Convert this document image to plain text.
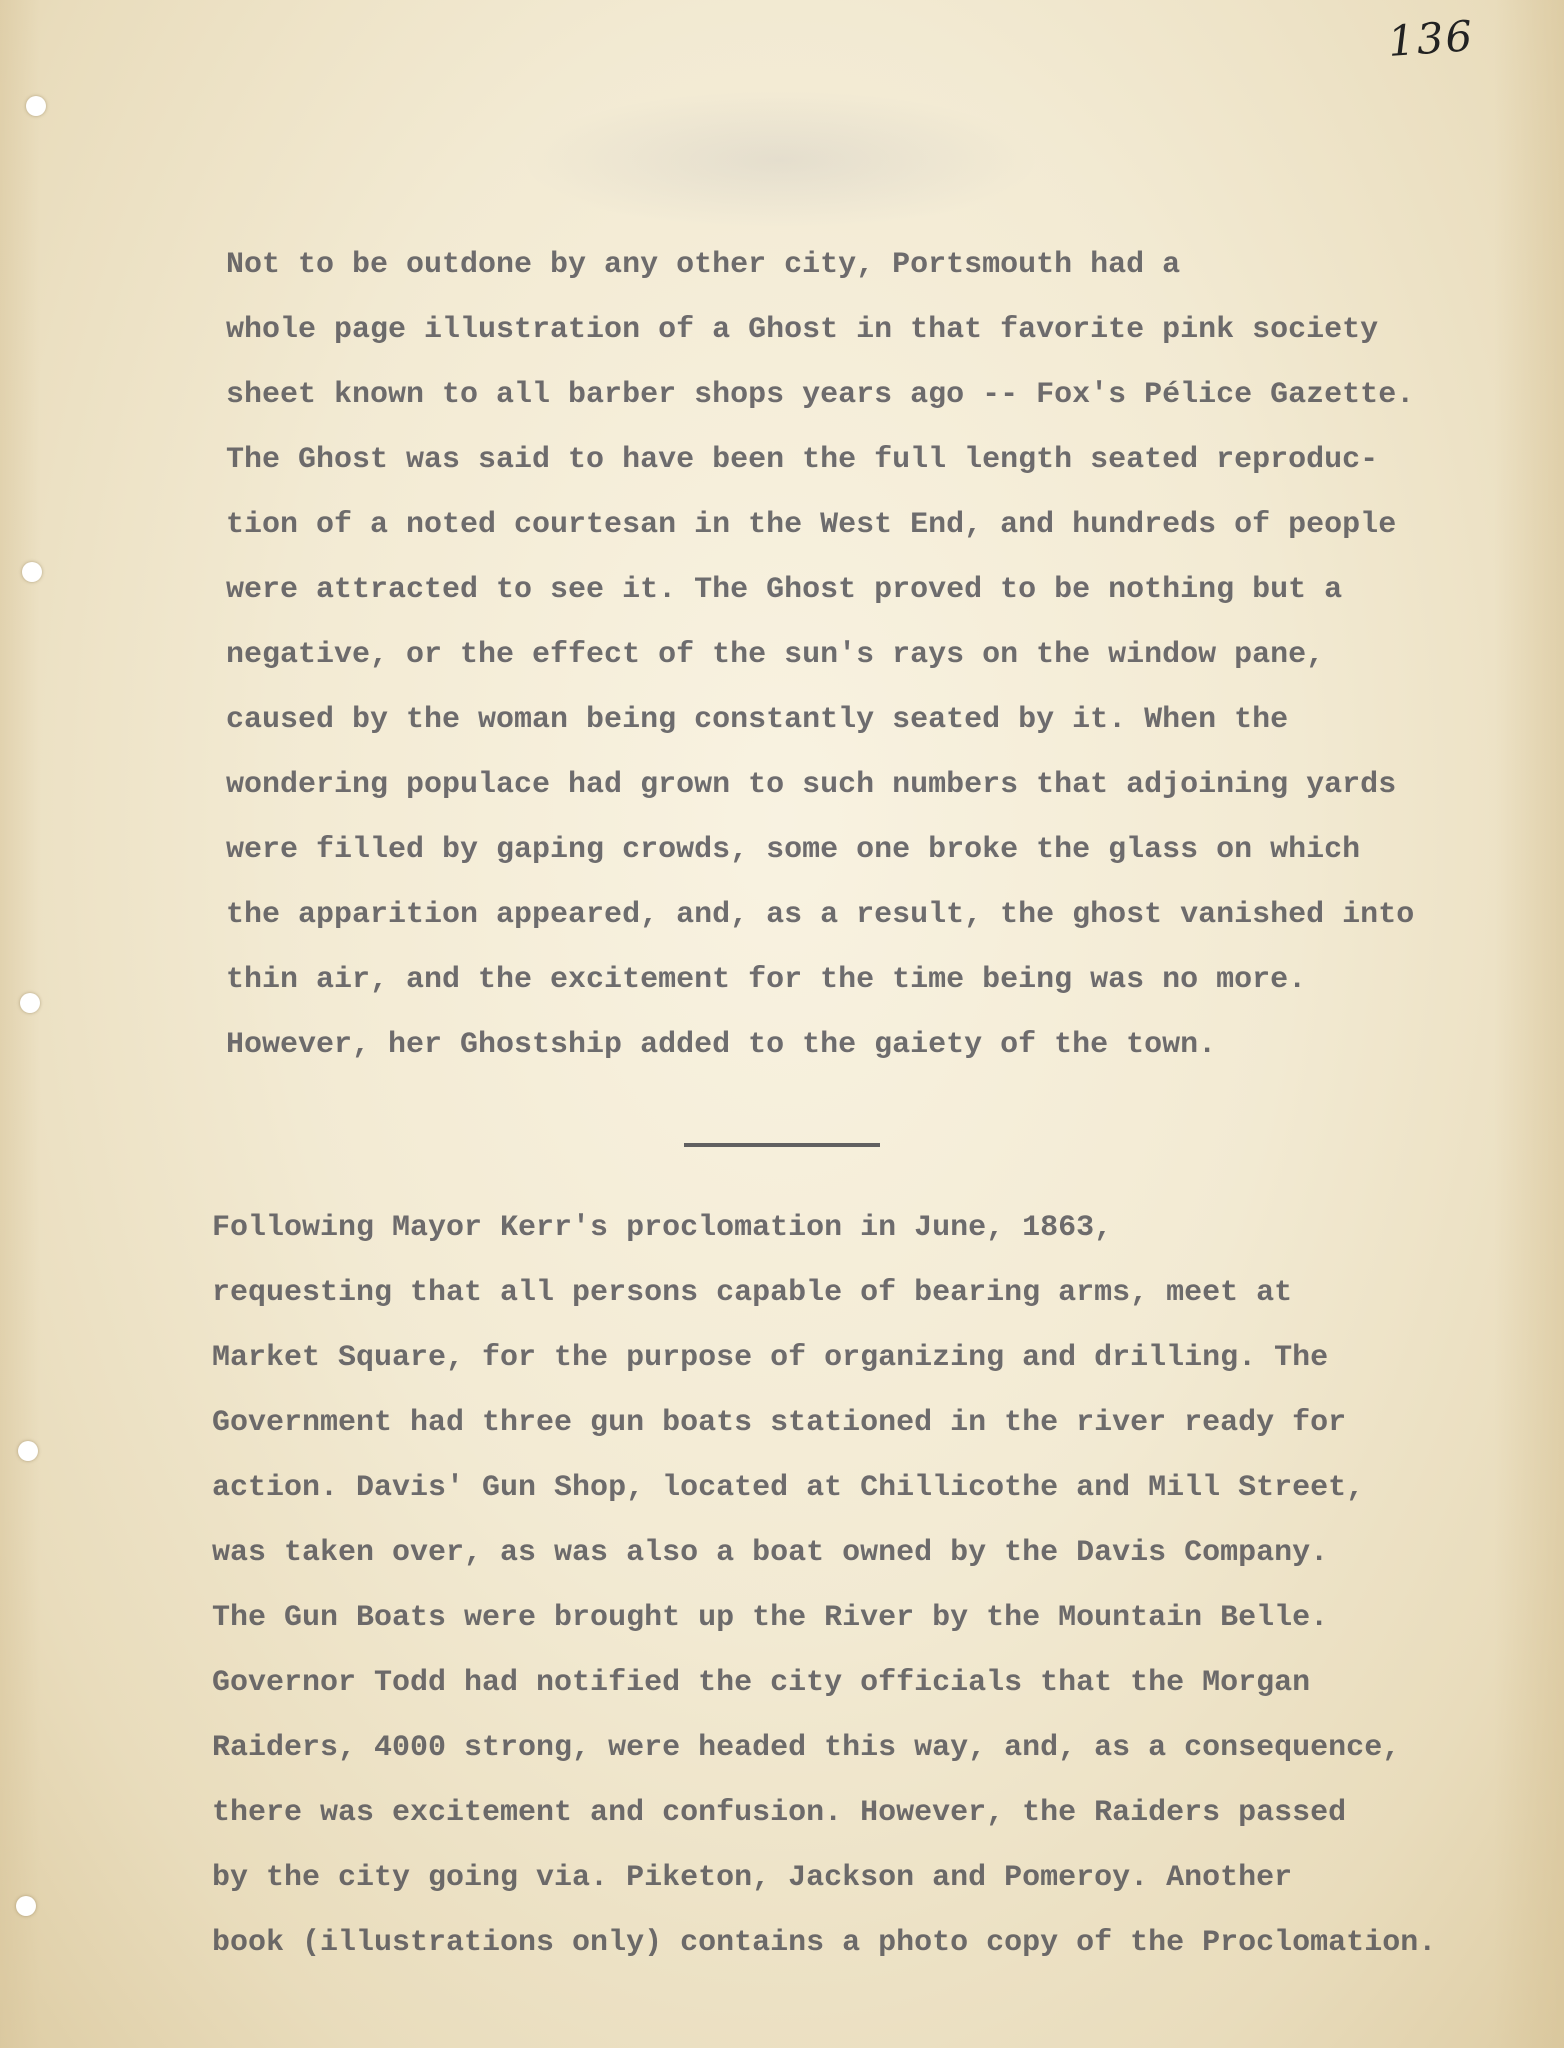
136
Not to be outdone by any other city, Portsmouth had a
whole page illustration of a Ghost in that favorite pink society
sheet known to all barber shops years ago -- Fox's Pélice Gazette.
The Ghost was said to have been the full length seated reproduc-
tion of a noted courtesan in the West End, and hundreds of people
were attracted to see it. The Ghost proved to be nothing but a
negative, or the effect of the sun's rays on the window pane,
caused by the woman being constantly seated by it. When the
wondering populace had grown to such numbers that adjoining yards
were filled by gaping crowds, some one broke the glass on which
the apparition appeared, and, as a result, the ghost vanished into
thin air, and the excitement for the time being was no more.
However, her Ghostship added to the gaiety of the town.
Following Mayor Kerr's proclomation in June, 1863,
requesting that all persons capable of bearing arms, meet at
Market Square, for the purpose of organizing and drilling. The
Government had three gun boats stationed in the river ready for
action. Davis' Gun Shop, located at Chillicothe and Mill Street,
was taken over, as was also a boat owned by the Davis Company.
The Gun Boats were brought up the River by the Mountain Belle.
Governor Todd had notified the city officials that the Morgan
Raiders, 4000 strong, were headed this way, and, as a consequence,
there was excitement and confusion. However, the Raiders passed
by the city going via. Piketon, Jackson and Pomeroy. Another
book (illustrations only) contains a photo copy of the Proclomation.
